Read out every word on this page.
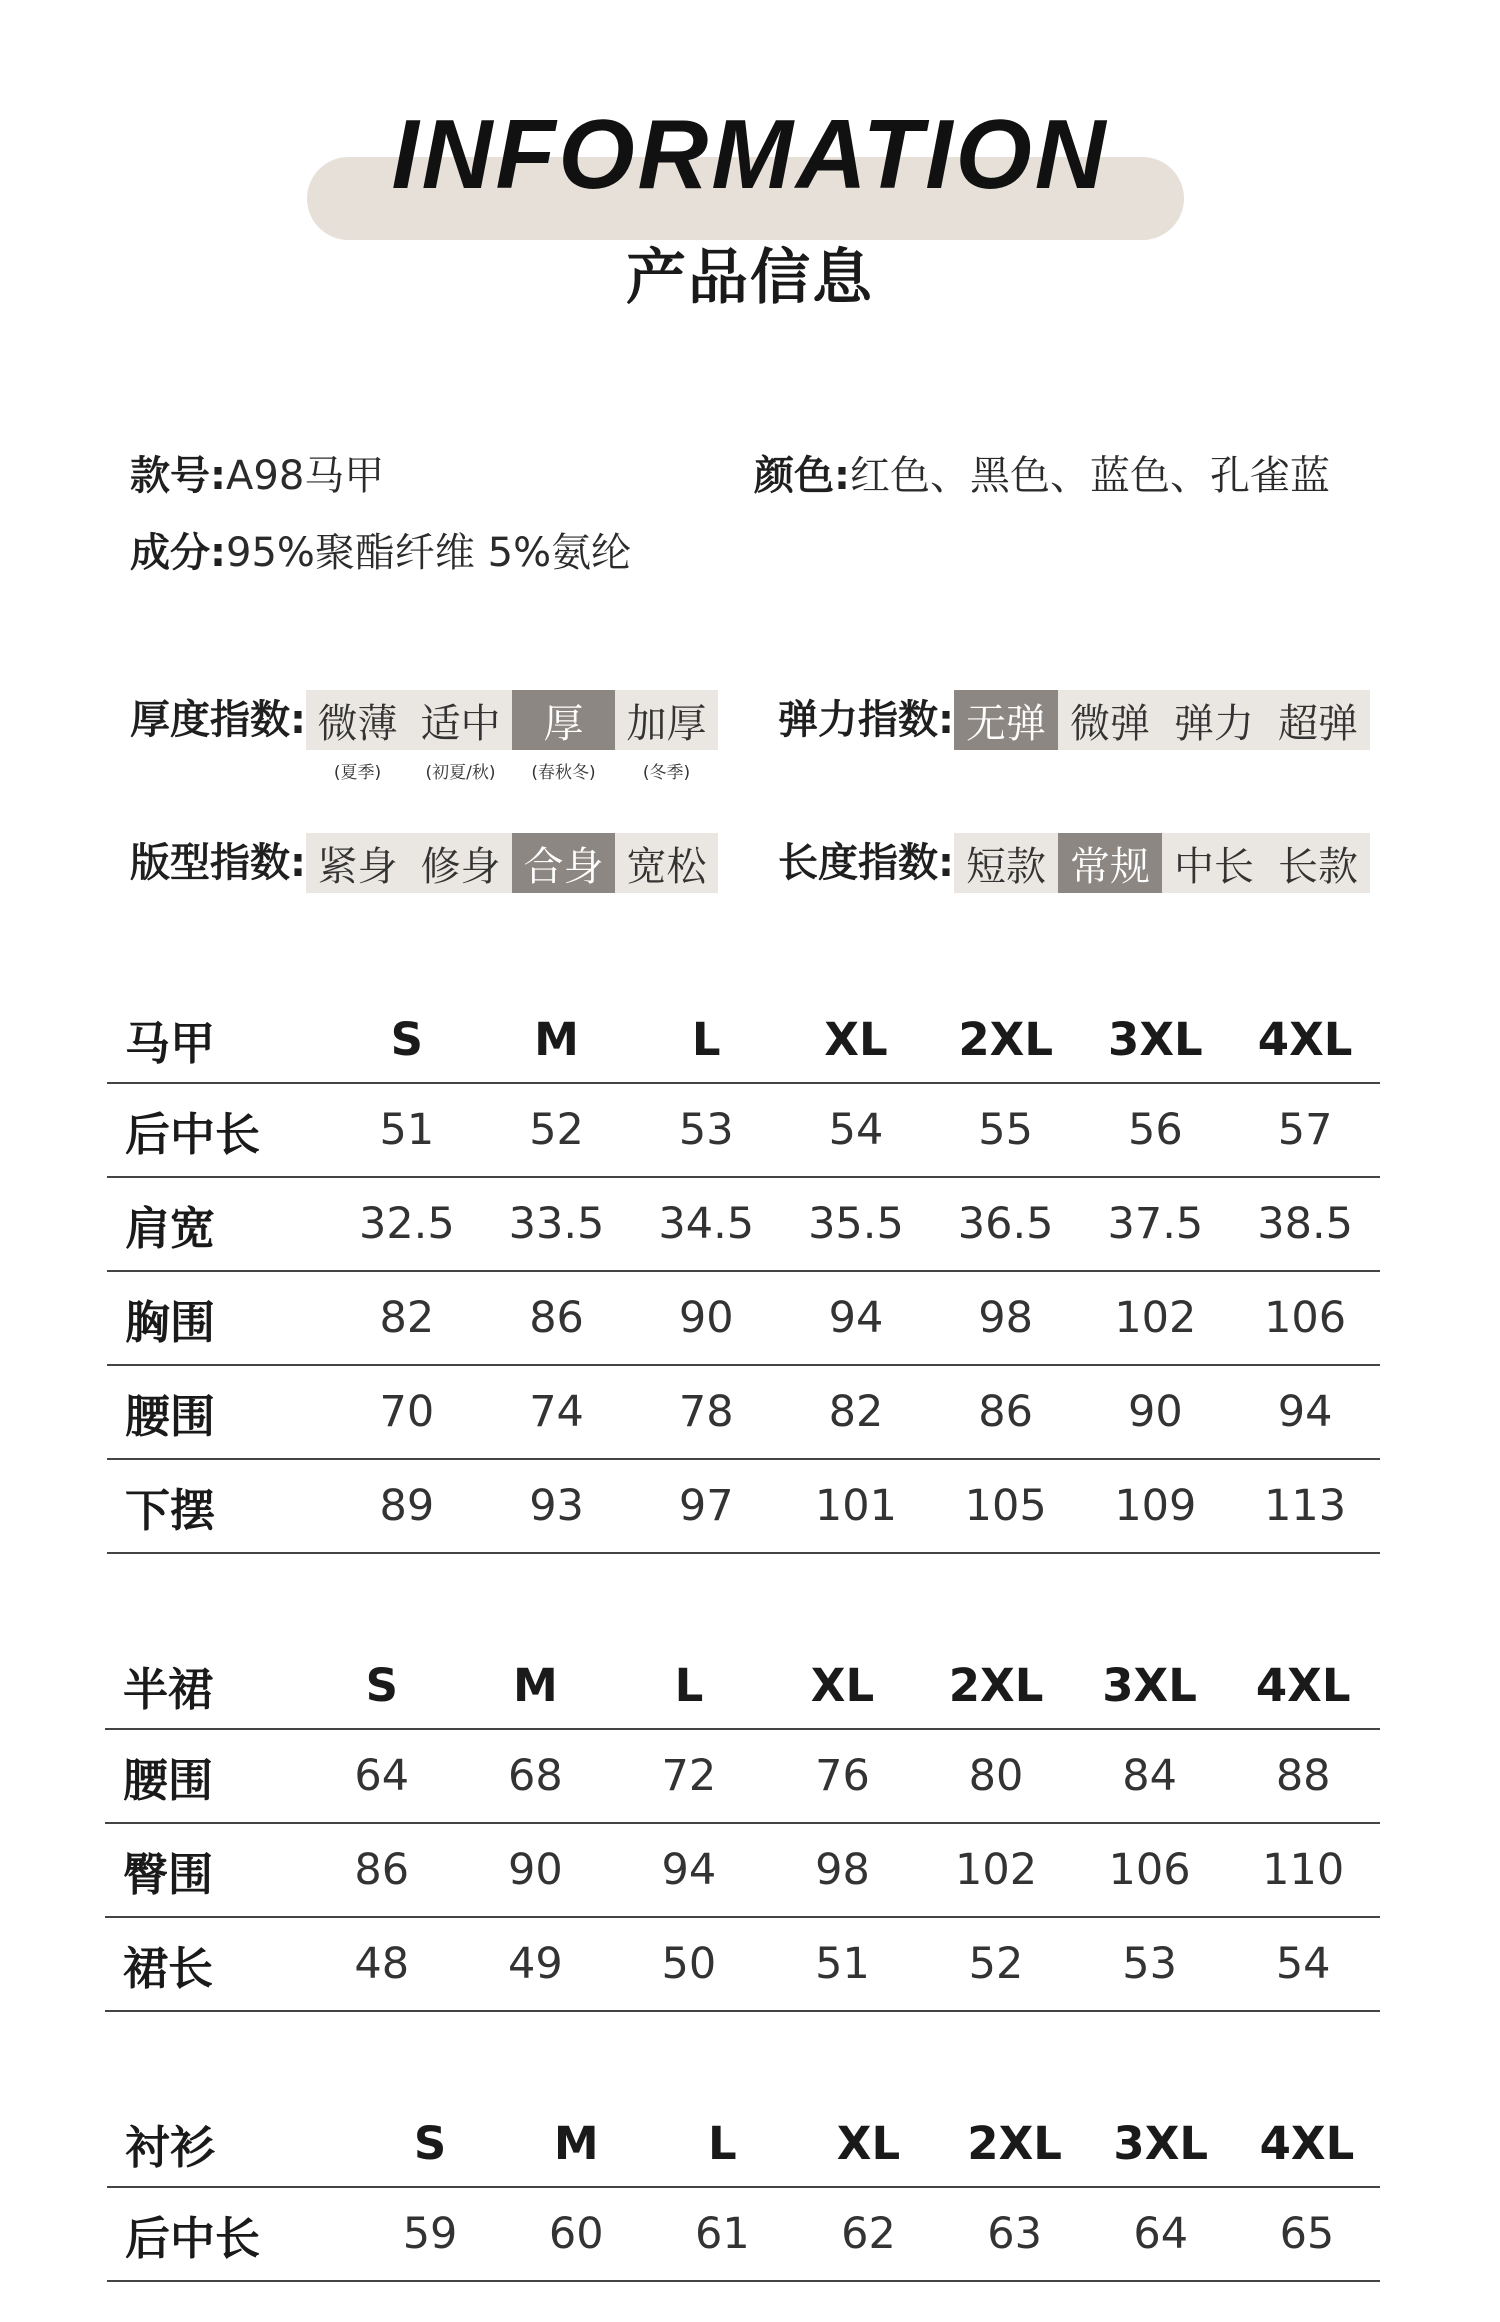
INFORMATION
产品信息
款号:A98马甲	颜色:红色、黑色、蓝色、孔雀蓝
成分:95%聚酯纤维 5%氨纶
厚度指数: 微薄
(夏季)
适中
(初夏/秋)
厚
(春秋冬)
加厚
(冬季)
弹力指数: 无弹 微弹 弹力 超弹
版型指数: 紧身 修身 合身 宽松 长度指数: 短款 常规 中长 长款
马甲	S	M	L	XL	2XL	3XL	4XL
后中长	51	52	53	54	55	56	57
肩宽	32.5	33.5	34.5	35.5	36.5	37.5	38.5
胸围	82	86	90	94	98	102	106
腰围	70	74	78	82	86	90	94
下摆	89	93	97	101	105	109	113
半裙	S	M	L	XL	2XL	3XL	4XL
腰围	64	68	72	76	80	84	88
臀围	86	90	94	98	102	106	110
裙长	48	49	50	51	52	53	54
衬衫	S	M	L	XL	2XL	3XL	4XL
后中长	59	60	61	62	63	64	65
